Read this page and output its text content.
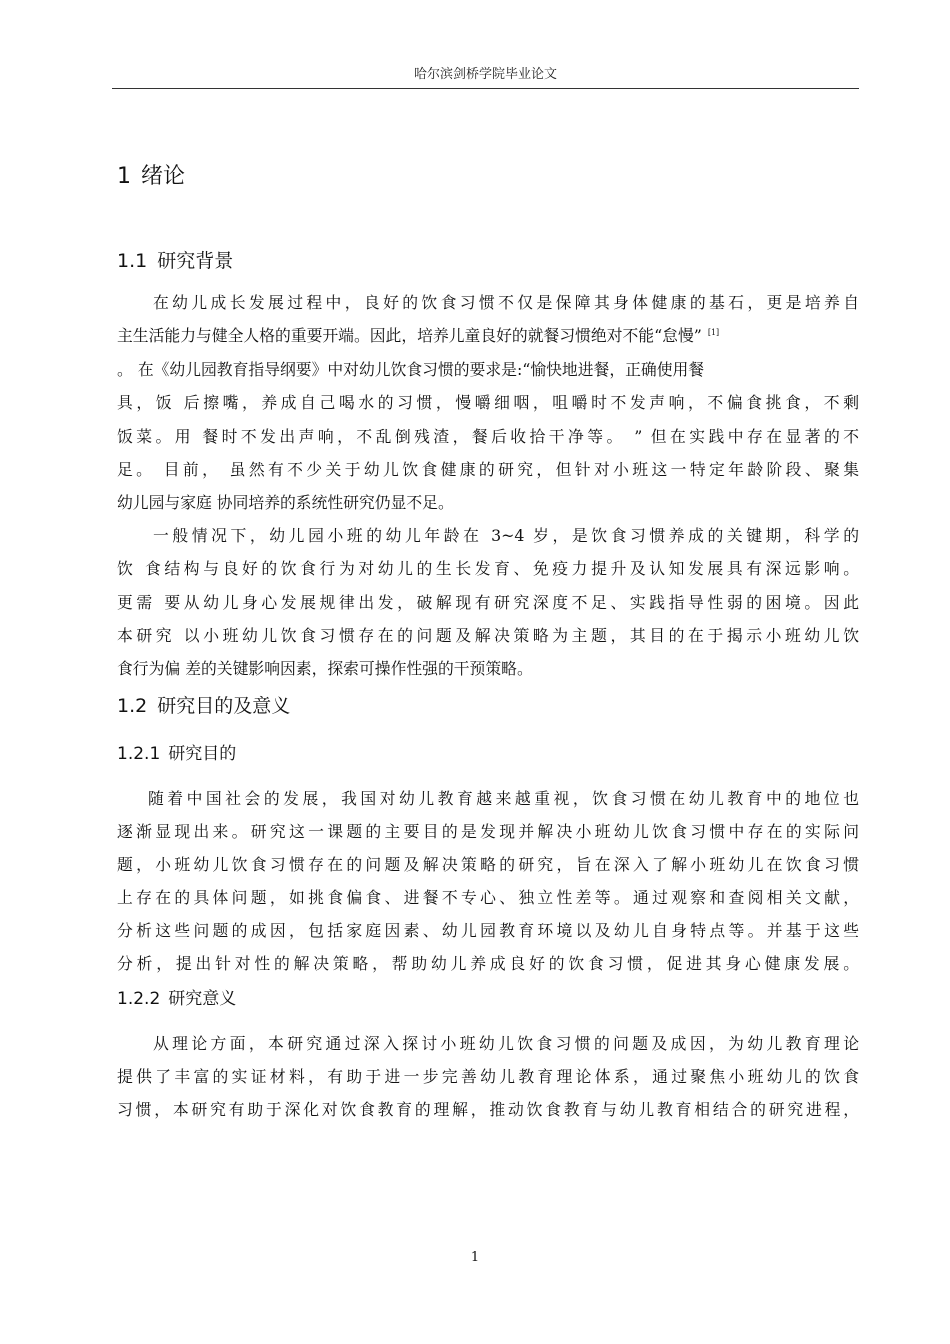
哈尔滨剑桥学院毕业论文
1 绪论
1.1 研究背景
在幼儿成长发展过程中，良好的饮食习惯不仅是保障其身体健康的基石，更是培养自
主生活能力与健全人格的重要开端。因此，培养儿童良好的就餐习惯绝对不能“怠慢” [1]
。 在《幼儿园教育指导纲要》中对幼儿饮食习惯的要求是:“愉快地进餐，正确使用餐
具，饭 后擦嘴，养成自己喝水的习惯，慢嚼细咽，咀嚼时不发声响，不偏食挑食，不剩
饭菜。用 餐时不发出声响，不乱倒残渣，餐后收拾干净等。 ” 但在实践中存在显著的不
足。 目前， 虽然有不少关于幼儿饮食健康的研究，但针对小班这一特定年龄阶段、聚集
幼儿园与家庭 协同培养的系统性研究仍显不足。
一般情况下，幼儿园小班的幼儿年龄在 3~4 岁，是饮食习惯养成的关键期，科学的
饮 食结构与良好的饮食行为对幼儿的生长发育、免疫力提升及认知发展具有深远影响。
更需 要从幼儿身心发展规律出发，破解现有研究深度不足、实践指导性弱的困境。因此
本研究 以小班幼儿饮食习惯存在的问题及解决策略为主题，其目的在于揭示小班幼儿饮
食行为偏 差的关键影响因素，探索可操作性强的干预策略。
1.2 研究目的及意义
1.2.1 研究目的
随着中国社会的发展，我国对幼儿教育越来越重视，饮食习惯在幼儿教育中的地位也
逐渐显现出来。研究这一课题的主要目的是发现并解决小班幼儿饮食习惯中存在的实际问
题，小班幼儿饮食习惯存在的问题及解决策略的研究，旨在深入了解小班幼儿在饮食习惯
上存在的具体问题，如挑食偏食、进餐不专心、独立性差等。通过观察和查阅相关文献，
分析这些问题的成因，包括家庭因素、幼儿园教育环境以及幼儿自身特点等。并基于这些
分析，提出针对性的解决策略，帮助幼儿养成良好的饮食习惯，促进其身心健康发展。
1.2.2 研究意义
从理论方面，本研究通过深入探讨小班幼儿饮食习惯的问题及成因，为幼儿教育理论
提供了丰富的实证材料，有助于进一步完善幼儿教育理论体系，通过聚焦小班幼儿的饮食
习惯，本研究有助于深化对饮食教育的理解，推动饮食教育与幼儿教育相结合的研究进程，
1
